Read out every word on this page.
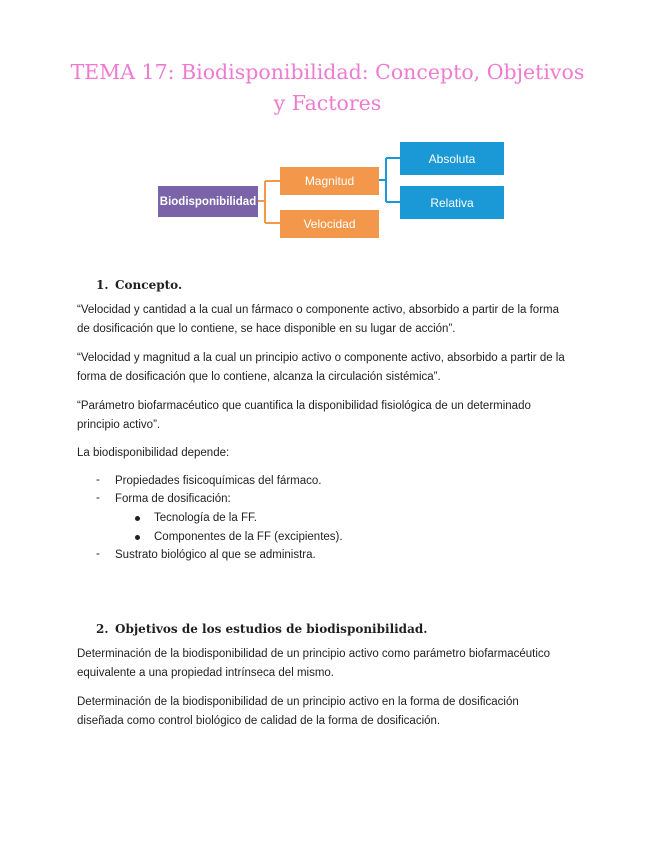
TEMA 17: Biodisponibilidad: Concepto, Objetivos
y Factores
Biodisponibilidad
Magnitud
Velocidad
Absoluta
Relativa
1. Concepto.

“Velocidad y cantidad a la cual un fármaco o componente activo, absorbido a partir de la forma
de dosificación que lo contiene, se hace disponible en su lugar de acción”.

“Velocidad y magnitud a la cual un principio activo o componente activo, absorbido a partir de la
forma de dosificación que lo contiene, alcanza la circulación sistémica”.

“Parámetro biofarmacéutico que cuantifica la disponibilidad fisiológica de un determinado
principio activo”.

La biodisponibilidad depende:

- Propiedades fisicoquímicas del fármaco.
- Forma de dosificación:
Tecnología de la FF.
Componentes de la FF (excipientes).
- Sustrato biológico al que se administra.
2. Objetivos de los estudios de biodisponibilidad.

Determinación de la biodisponibilidad de un principio activo como parámetro biofarmacéutico
equivalente a una propiedad intrínseca del mismo.

Determinación de la biodisponibilidad de un principio activo en la forma de dosificación
diseñada como control biológico de calidad de la forma de dosificación.
